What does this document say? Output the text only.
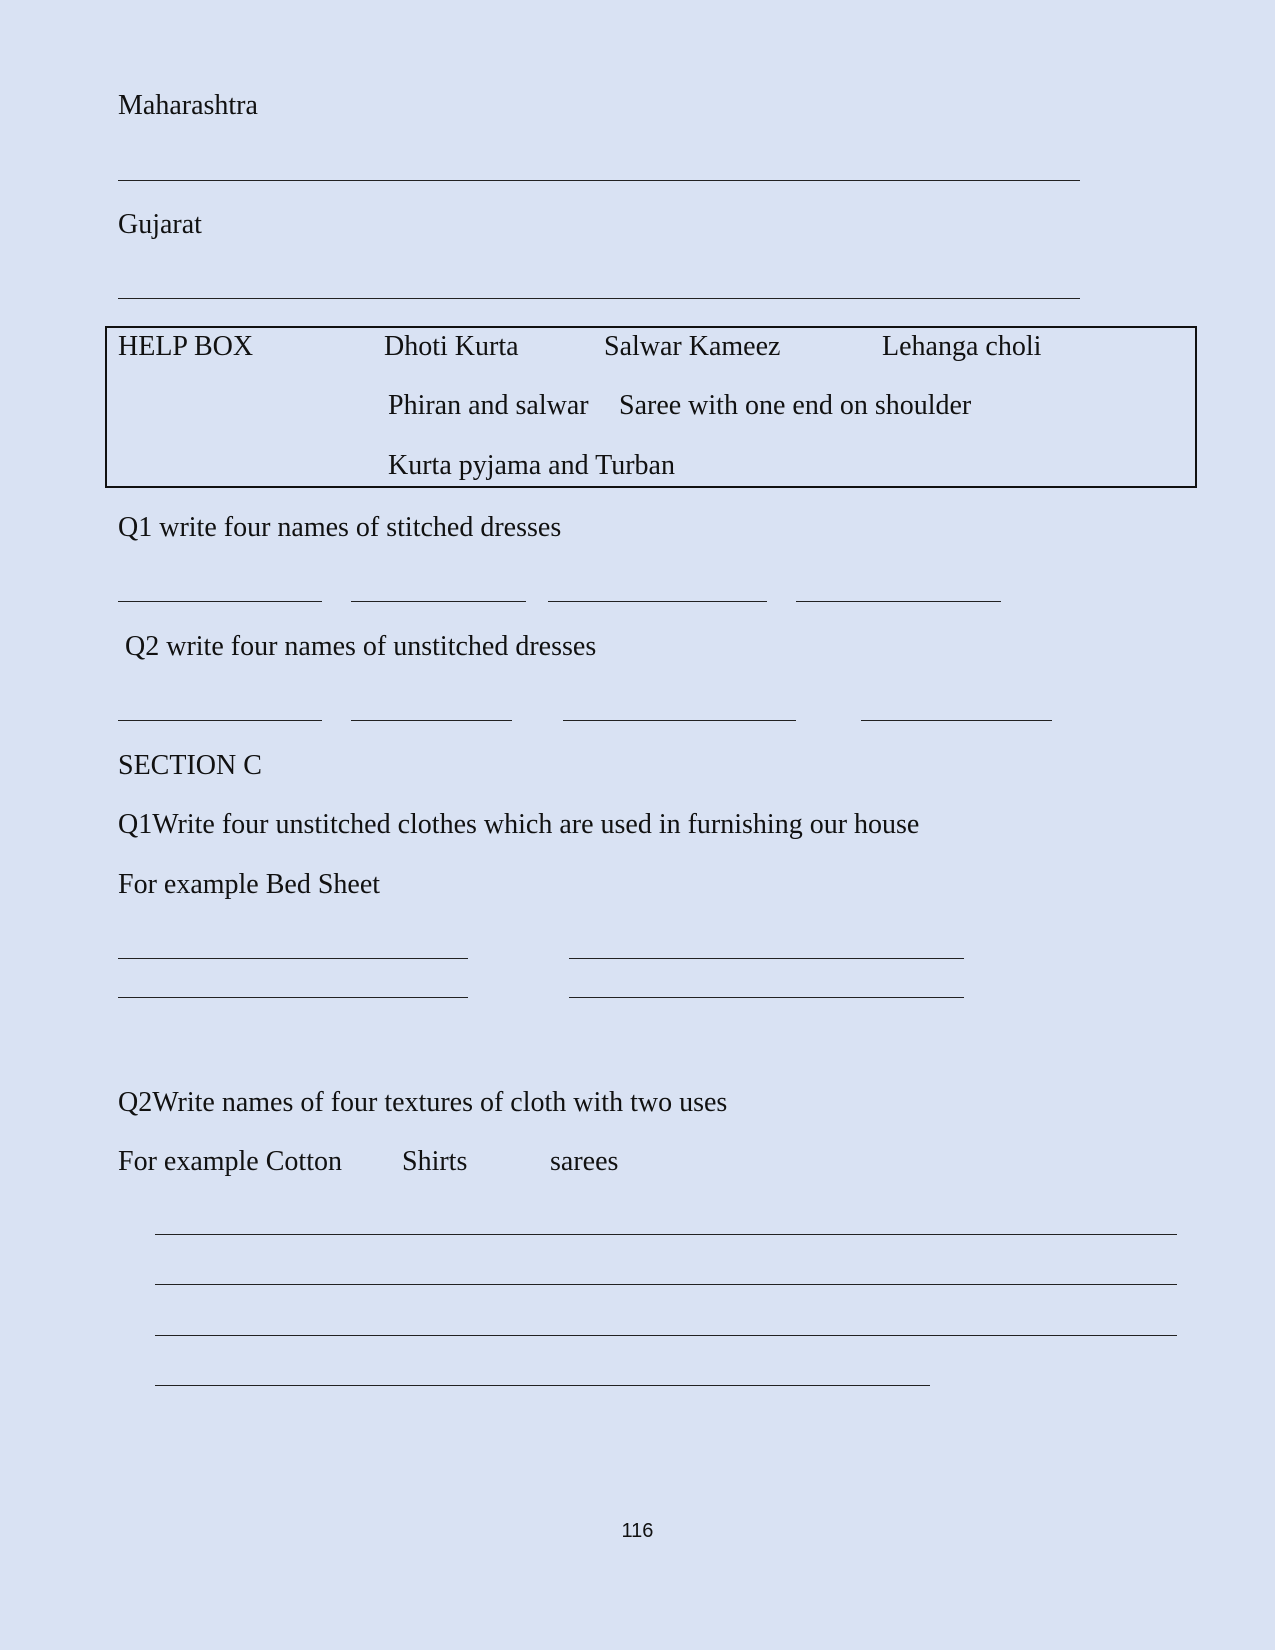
Maharashtra
Gujarat
HELP BOX	Dhoti Kurta	Salwar Kameez	Lehanga choli
Phiran and salwar Saree with one end on shoulder
Kurta pyjama and Turban
Q1 write four names of stitched dresses
Q2 write four names of unstitched dresses
SECTION C
Q1Write four unstitched clothes which are used in furnishing our house
For example Bed Sheet
Q2Write names of four textures of cloth with two uses
For example Cotton Shirts	sarees
116
